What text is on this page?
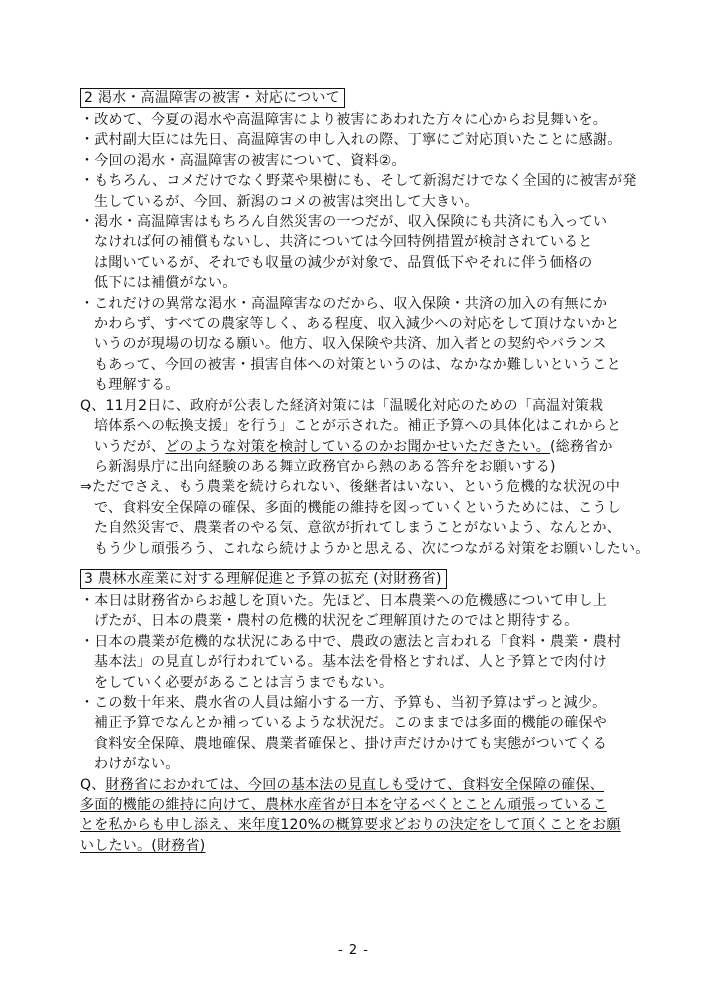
2 渇水・高温障害の被害・対応について
・改めて、今夏の渇水や高温障害により被害にあわれた方々に心からお見舞いを。
・武村副大臣には先日、高温障害の申し入れの際、丁寧にご対応頂いたことに感謝。
・今回の渇水・高温障害の被害について、資料②。
・もちろん、コメだけでなく野菜や果樹にも、そして新潟だけでなく全国的に被害が発
生しているが、今回、新潟のコメの被害は突出して大きい。
・渇水・高温障害はもちろん自然災害の一つだが、収入保険にも共済にも入ってい
なければ何の補償もないし、共済については今回特例措置が検討されていると
は聞いているが、それでも収量の減少が対象で、品質低下やそれに伴う価格の
低下には補償がない。
・これだけの異常な渇水・高温障害なのだから、収入保険・共済の加入の有無にか
かわらず、すべての農家等しく、ある程度、収入減少への対応をして頂けないかと
いうのが現場の切なる願い。他方、収入保険や共済、加入者との契約やバランス
もあって、今回の被害・損害自体への対策というのは、なかなか難しいということ
も理解する。
Q、11月2日に、政府が公表した経済対策には「温暖化対応のための「高温対策栽
培体系への転換支援」を行う」ことが示された。補正予算への具体化はこれからと
いうだが、どのような対策を検討しているのかお聞かせいただきたい。(総務省か
ら新潟県庁に出向経験のある舞立政務官から熱のある答弁をお願いする)
⇒ただでさえ、もう農業を続けられない、後継者はいない、という危機的な状況の中
で、食料安全保障の確保、多面的機能の維持を図っていくというためには、こうし
た自然災害で、農業者のやる気、意欲が折れてしまうことがないよう、なんとか、
もう少し頑張ろう、これなら続けようかと思える、次につながる対策をお願いしたい。
3 農林水産業に対する理解促進と予算の拡充 (対財務省)
・本日は財務省からお越しを頂いた。先ほど、日本農業への危機感について申し上
げたが、日本の農業・農村の危機的状況をご理解頂けたのではと期待する。
・日本の農業が危機的な状況にある中で、農政の憲法と言われる「食料・農業・農村
基本法」の見直しが行われている。基本法を骨格とすれば、人と予算とで肉付け
をしていく必要があることは言うまでもない。
・この数十年来、農水省の人員は縮小する一方、予算も、当初予算はずっと減少。
補正予算でなんとか補っているような状況だ。このままでは多面的機能の確保や
食料安全保障、農地確保、農業者確保と、掛け声だけかけても実態がついてくる
わけがない。
Q、財務省におかれては、今回の基本法の見直しも受けて、食料安全保障の確保、
多面的機能の維持に向けて、農林水産省が日本を守るべくとことん頑張っているこ
とを私からも申し添え、来年度120%の概算要求どおりの決定をして頂くことをお願
いしたい。(財務省)
- 2 -
